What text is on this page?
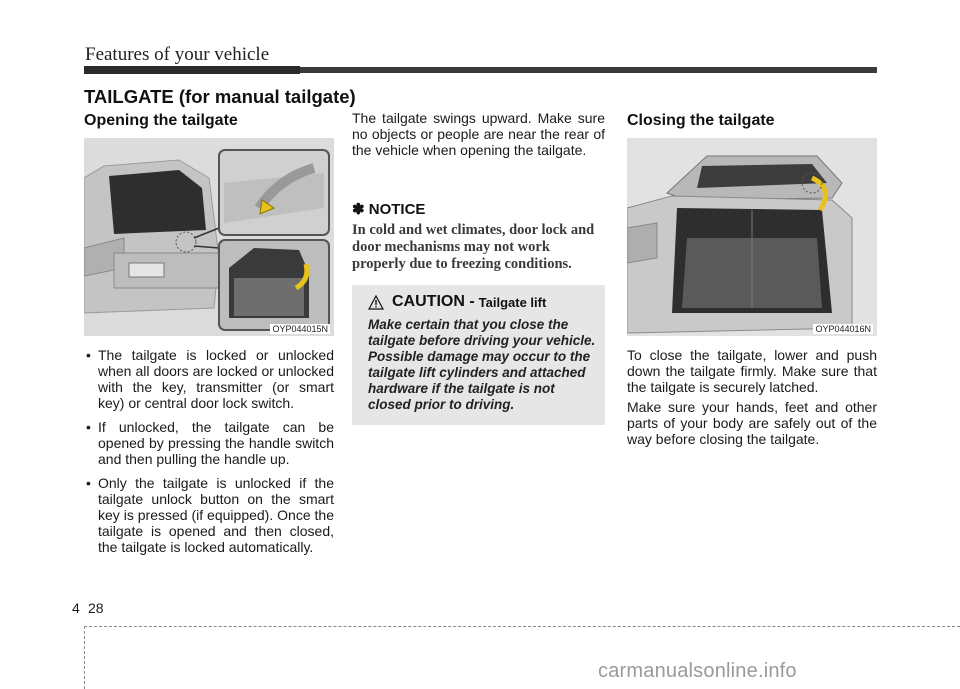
Features of your vehicle
TAILGATE (for manual tailgate)
Opening the tailgate
OYP044015N
• The tailgate is locked or unlocked when all doors are locked or unlocked with the key, transmitter (or smart key) or central door lock switch.
• If unlocked, the tailgate can be opened by pressing the handle switch and then pulling the handle up.
• Only the tailgate is unlocked if the tailgate unlock button on the smart key is pressed (if equipped). Once the tailgate is opened and then closed, the tailgate is locked automatically.

The tailgate swings upward. Make sure no objects or people are near the rear of the vehicle when opening the tailgate.

✽ NOTICE

In cold and wet climates, door lock and door mechanisms may not work properly due to freezing conditions.

CAUTION - Tailgate lift
Make certain that you close the tailgate before driving your vehicle. Possible damage may occur to the tailgate lift cylinders and attached hardware if the tailgate is not closed prior to driving.
Closing the tailgate
OYP044016N

To close the tailgate, lower and push down the tailgate firmly. Make sure that the tailgate is securely latched.

Make sure your hands, feet and other parts of your body are safely out of the way before closing the tailgate.

4 28
carmanualsonline.info
